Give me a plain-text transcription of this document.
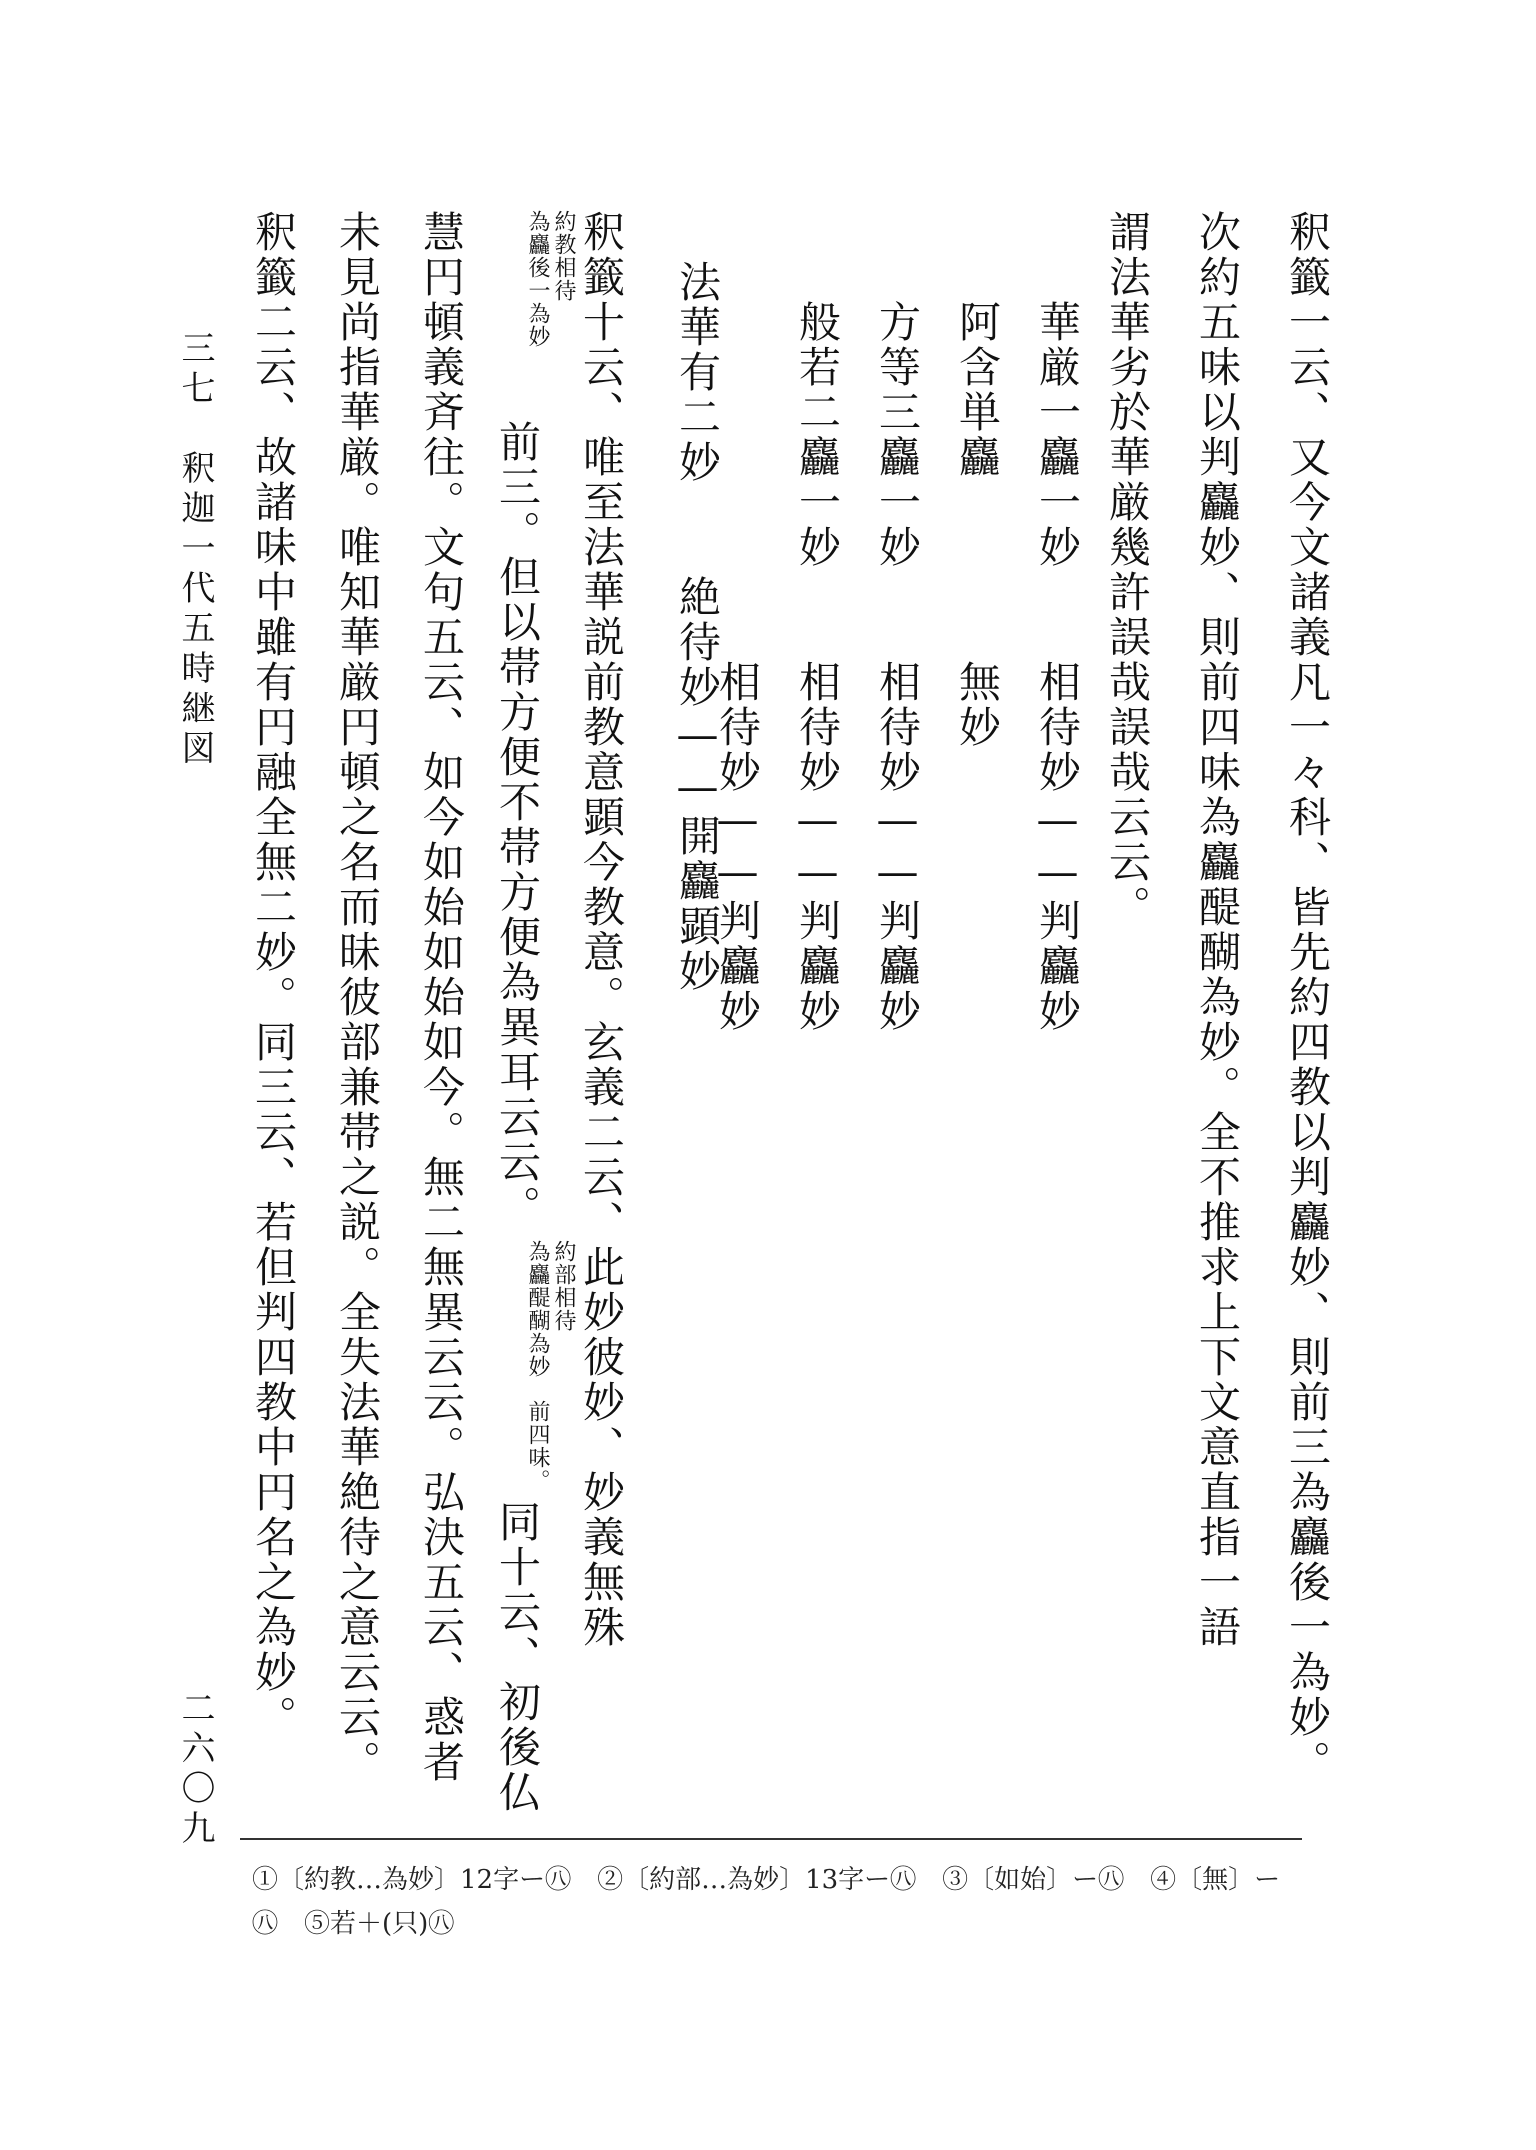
釈籤一云、又今文諸義凡一々科、皆先約四教以判麤妙、則前三為麤後一為妙。
次約五味以判麤妙、則前四味為麤醍醐為妙。全不推求上下文意直指一語
謂法華劣於華厳幾許誤哉誤哉云云。
華厳一麤一妙　　相待妙——判麤妙
阿含単麤　　　　無妙
方等三麤一妙　　相待妙——判麤妙
般若二麤一妙　　相待妙——判麤妙
　　　　　　　　相待妙——判麤妙
法華有二妙　　絶待妙——開麤顕妙
釈籤十云、唯至法華説前教意顕今教意。玄義二云、此妙彼妙、妙義無殊
約教相待
為麤後一為妙
前三。但以帯方便不帯方便為異耳云云。
約部相待
為麤醍醐為妙
前四味。
同十云、初後仏
慧円頓義斉往。文句五云、如今如始如始如今。無二無異云云。弘決五云、惑者
未見尚指華厳。唯知華厳円頓之名而昧彼部兼帯之説。全失法華絶待之意云云。
釈籤二云、故諸味中雖有円融全無二妙。同三云、若但判四教中円名之為妙。
三七
釈迦一代五時継図
二六〇九
①〔約教…為妙〕12字ー㊇　②〔約部…為妙〕13字ー㊇　③〔如始〕ー㊇　④〔無〕ー㊇　⑤若＋(只)㊇
